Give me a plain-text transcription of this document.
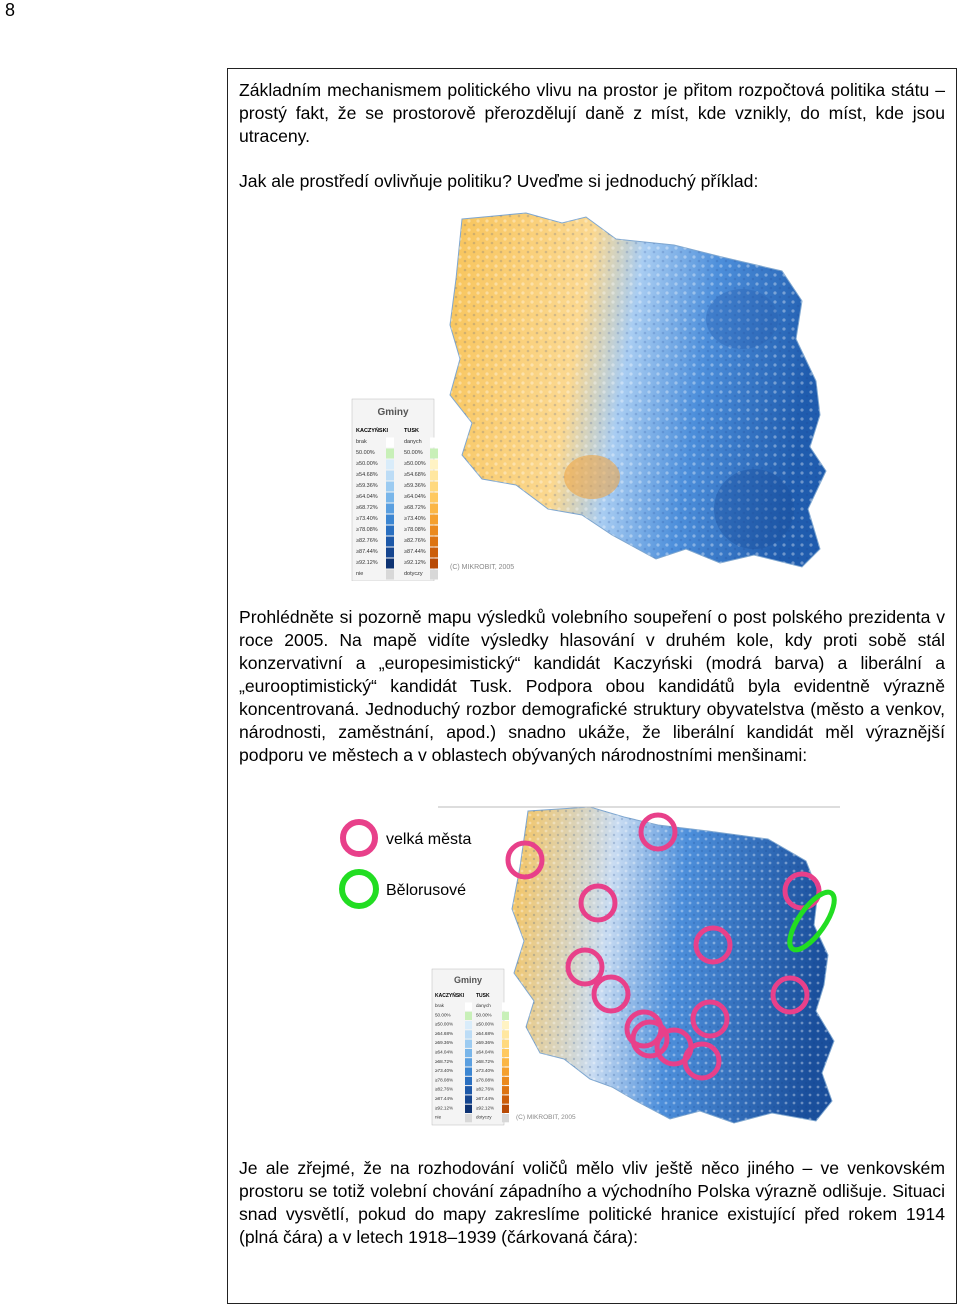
8

Základním mechanismem politického vlivu na prostor je přitom rozpočtová politika státu – prostý fakt, že se prostorově přerozdělují daně z míst, kde vznikly, do míst, kde jsou utraceny.

Jak ale prostředí ovlivňuje politiku? Uveďme si jednoduchý příklad:

Gminy
KACZYŃSKI	TUSK
brak	danych
50.00%	50.00%
≥50.00%	≥50.00%
≥54.68%	≥54.68%
≥59.36%	≥59.36%
≥64.04%	≥64.04%
≥68.72%	≥68.72%
≥73.40%	≥73.40%
≥78.08%	≥78.08%
≥82.76%	≥82.76%
≥87.44%	≥87.44%
≥92.12%	≥92.12%
nie	dotyczy
(C) MIKROBIT, 2005

Prohlédněte si pozorně mapu výsledků volebního soupeření o post polského prezidenta v roce 2005. Na mapě vidíte výsledky hlasování v druhém kole, kdy proti sobě stál konzervativní a „europesimistický“ kandidát Kaczyński (modrá barva) a liberální a „eurooptimistický“ kandidát Tusk. Podpora obou kandidátů byla evidentně výrazně koncentrovaná. Jednoduchý rozbor demografické struktury obyvatelstva (město a venkov, národnosti, zaměstnání, apod.) snadno ukáže, že liberální kandidát měl výraznější podporu ve městech a v oblastech obývaných národnostními menšinami:

velká města
Bělorusové
Gminy
KACZYŃSKI TUSK
brak	danych
50.00%	50.00%
≥50.00%	≥50.00%
≥54.68%	≥54.68%
≥59.36%	≥59.36%
≥64.04%	≥64.04%
≥68.72%	≥68.72%
≥73.40%	≥73.40%
≥78.08%	≥78.08%
≥82.76%	≥82.76%
≥87.44%	≥87.44%
≥92.12%	≥92.12%
nie	dotyczy	(C) MIKROBIT, 2005

Je ale zřejmé, že na rozhodování voličů mělo vliv ještě něco jiného – ve venkovském prostoru se totiž volební chování západního a východního Polska výrazně odlišuje. Situaci snad vysvětlí, pokud do mapy zakreslíme politické hranice existující před rokem 1914 (plná čára) a v letech 1918–1939 (čárkovaná čára):
